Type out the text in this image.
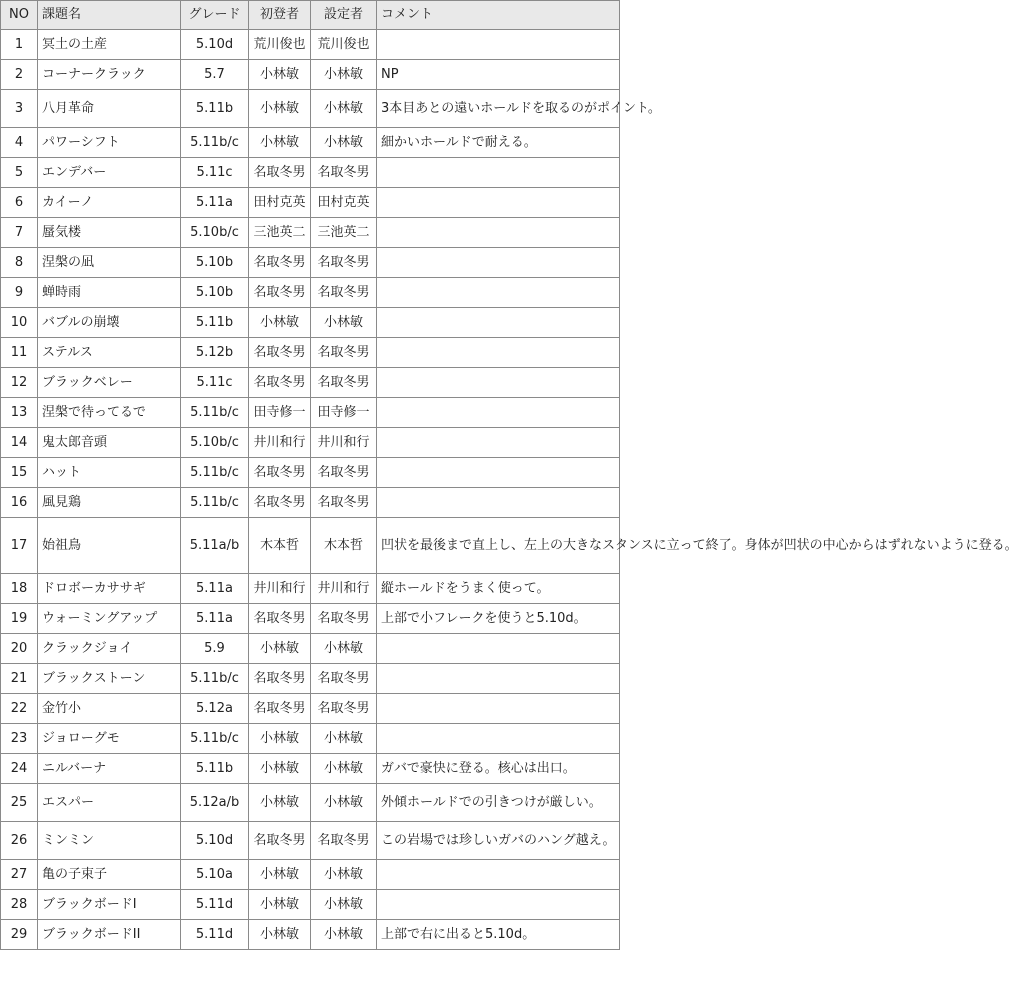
NO	課題名	グレード	初登者	設定者	コメント
1	冥土の土産	5.10d	荒川俊也	荒川俊也	
2	コーナークラック	5.7	小林敏	小林敏	NP
3	八月革命	5.11b	小林敏	小林敏	3本目あとの遠いホールドを取るのがポイント。
4	パワーシフト	5.11b/c	小林敏	小林敏	細かいホールドで耐える。
5	エンデバー	5.11c	名取冬男	名取冬男	
6	カイーノ	5.11a	田村克英	田村克英	
7	蜃気楼	5.10b/c	三池英二	三池英二	
8	涅槃の凪	5.10b	名取冬男	名取冬男	
9	蝉時雨	5.10b	名取冬男	名取冬男	
10	バブルの崩壊	5.11b	小林敏	小林敏	
11	ステルス	5.12b	名取冬男	名取冬男	
12	ブラックベレー	5.11c	名取冬男	名取冬男	
13	涅槃で待ってるで	5.11b/c	田寺修一	田寺修一	
14	鬼太郎音頭	5.10b/c	井川和行	井川和行	
15	ハット	5.11b/c	名取冬男	名取冬男	
16	風見鶏	5.11b/c	名取冬男	名取冬男	
17	始祖鳥	5.11a/b	木本哲	木本哲	凹状を最後まで直上し、左上の大きなスタンスに立って終了。身体が凹状の中心からはずれないように登る。
18	ドロボーカササギ	5.11a	井川和行	井川和行	縦ホールドをうまく使って。
19	ウォーミングアップ	5.11a	名取冬男	名取冬男	上部で小フレークを使うと5.10d。
20	クラックジョイ	5.9	小林敏	小林敏	
21	ブラックストーン	5.11b/c	名取冬男	名取冬男	
22	金竹小	5.12a	名取冬男	名取冬男	
23	ジョローグモ	5.11b/c	小林敏	小林敏	
24	ニルバーナ	5.11b	小林敏	小林敏	ガバで豪快に登る。核心は出口。
25	エスパー	5.12a/b	小林敏	小林敏	外傾ホールドでの引きつけが厳しい。
26	ミンミン	5.10d	名取冬男	名取冬男	この岩場では珍しいガバのハング越え。
27	亀の子束子	5.10a	小林敏	小林敏	
28	ブラックボードI	5.11d	小林敏	小林敏	
29	ブラックボードII	5.11d	小林敏	小林敏	上部で右に出ると5.10d。
